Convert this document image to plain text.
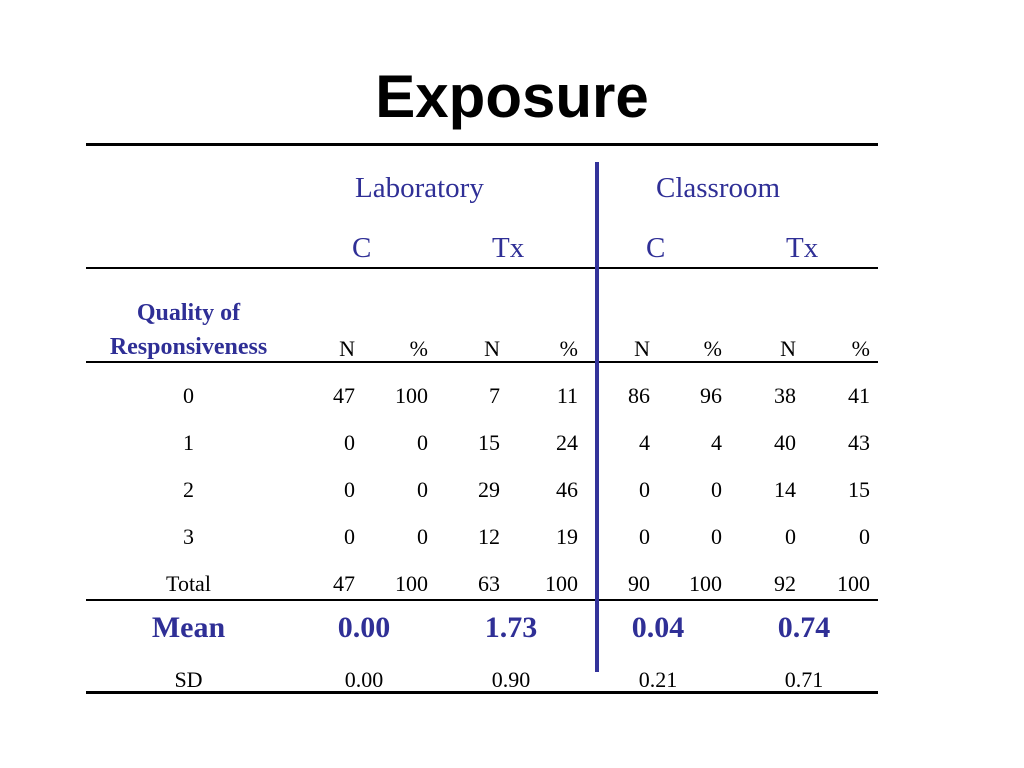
Exposure
Laboratory	Classroom
C	Tx	C	Tx
Quality of
Responsiveness	N	%	N	%	N	%	N	%
0	47	100	7	11	86	96	38	41
1	0	0	15	24	4	4	40	43
2	0	0	29	46	0	0	14	15
3	0	0	12	19	0	0	0	0
Total	47	100	63	100	90	100	92	100
Mean	0.00	1.73	0.04	0.74
SD	0.00	0.90	0.21	0.71
